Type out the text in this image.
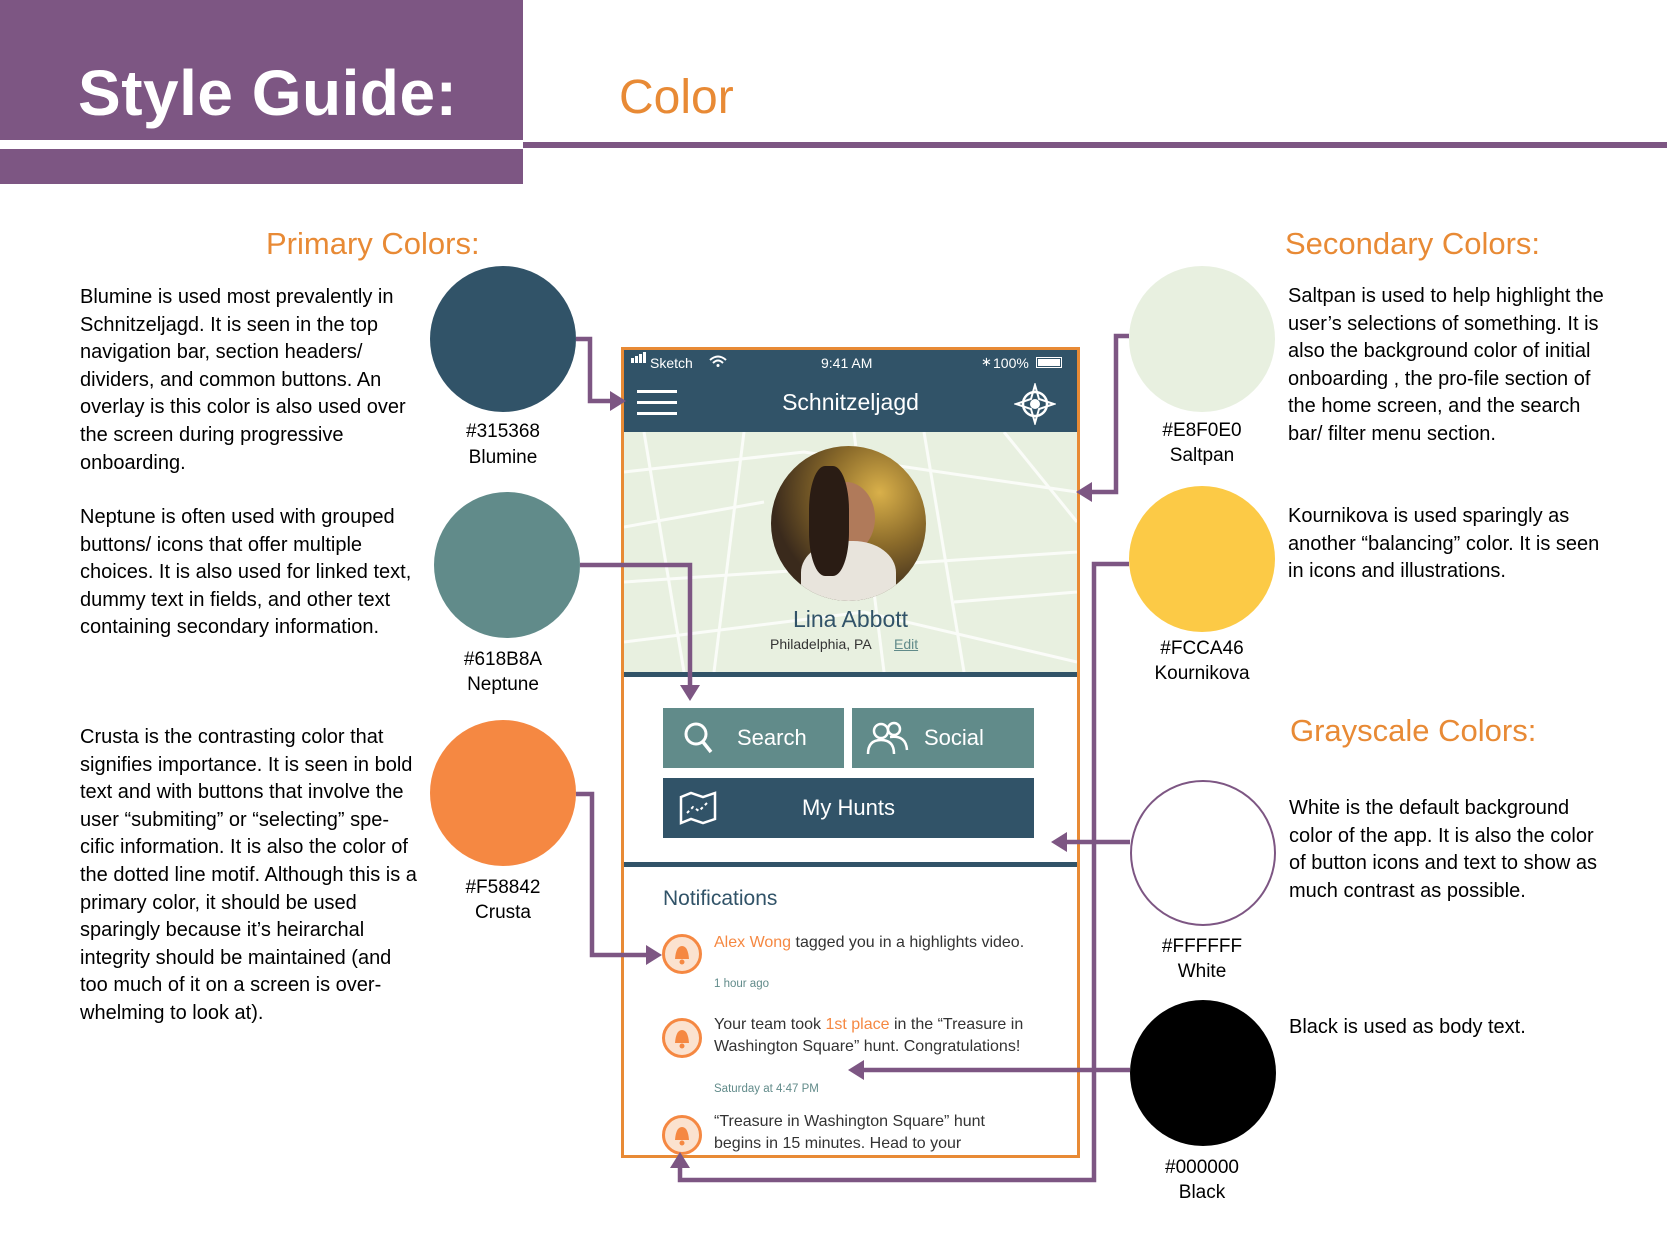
Style Guide:	Color
Primary Colors:
Blumine is used most prevalently in Schnitzeljagd. It is seen in the top navigation bar, section headers/ dividers, and common buttons. An overlay is this color is also used over the screen during progressive onboarding.
Neptune is often used with grouped buttons/ icons that offer multiple choices. It is also used for linked text, dummy text in fields, and other text containing secondary information.
Crusta is the contrasting color that signifies importance. It is seen in bold text and with buttons that involve the user “submiting” or “selecting” spe-cific information. It is also the color of the dotted line motif. Although this is a primary color, it should be used sparingly because it’s heirarchal integrity should be maintained (and too much of it on a screen is over-whelming to look at).
#315368
Blumine
#618B8A
Neptune
#F58842
Crusta
Secondary Colors:
Saltpan is used to help highlight the user’s selections of something. It is also the background color of initial onboarding , the pro-file section of the home screen, and the search bar/ filter menu section.
Kournikova is used sparingly as another “balancing” color. It is seen in icons and illustrations.
#E8F0E0
Saltpan
#FCCA46
Kournikova
Grayscale Colors:
White is the default background color of the app. It is also the color of button icons and text to show as much contrast as possible.
Black is used as body text.
#FFFFFF
White
#000000
Black
Sketch	9:41 AM	∗ 100%
Schnitzeljagd
Lina Abbott
Philadelphia, PA Edit
Search	Social
My Hunts
Notifications
Alex Wong tagged you in a highlights video.
1 hour ago
Your team took 1st place in the “Treasure in Washington Square” hunt. Congratulations!
Saturday at 4:47 PM
“Treasure in Washington Square” hunt begins in 15 minutes. Head to your
